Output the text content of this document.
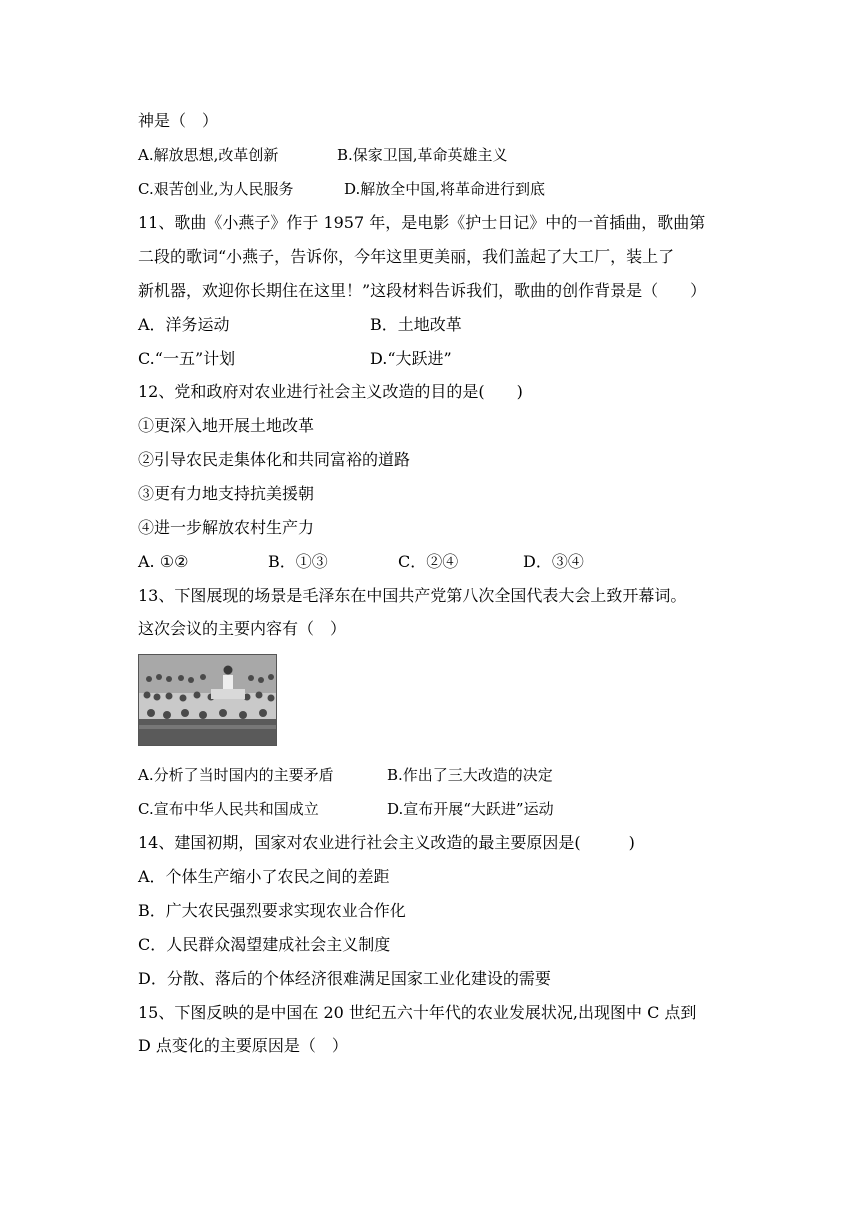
神是（　）
A.解放思想,改革创新	B.保家卫国,革命英雄主义
C.艰苦创业,为人民服务	D.解放全中国,将革命进行到底
11、歌曲《小燕子》作于 1957 年，是电影《护士日记》中的一首插曲，歌曲第
二段的歌词“小燕子，告诉你，今年这里更美丽，我们盖起了大工厂，装上了
新机器，欢迎你长期住在这里！”这段材料告诉我们，歌曲的创作背景是（　　）
A．洋务运动	B．土地改革
C.“一五”计划	D.“大跃进”
12、党和政府对农业进行社会主义改造的目的是(　　)
①更深入地开展土地改革
②引导农民走集体化和共同富裕的道路
③更有力地支持抗美援朝
④进一步解放农村生产力
A. ①②	B．①③	C．②④	D．③④
13、下图展现的场景是毛泽东在中国共产党第八次全国代表大会上致开幕词。
这次会议的主要内容有（　）
A.分析了当时国内的主要矛盾	B.作出了三大改造的决定
C.宣布中华人民共和国成立	D.宣布开展“大跃进”运动
14、建国初期，国家对农业进行社会主义改造的最主要原因是(　　　)
A．个体生产缩小了农民之间的差距
B．广大农民强烈要求实现农业合作化
C．人民群众渴望建成社会主义制度
D．分散、落后的个体经济很难满足国家工业化建设的需要
15、下图反映的是中国在 20 世纪五六十年代的农业发展状况,出现图中 C 点到
D 点变化的主要原因是（　）
